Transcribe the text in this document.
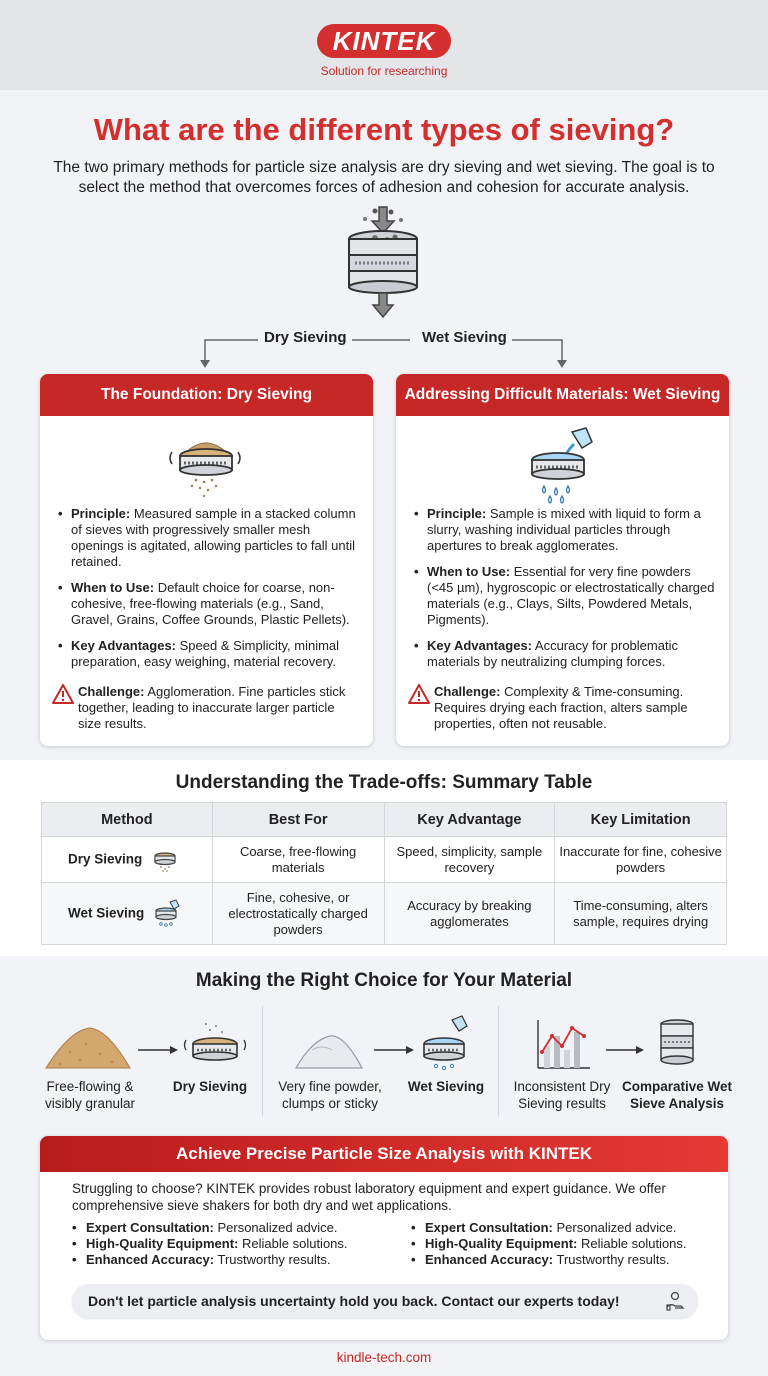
KINTEK
Solution for researching
What are the different types of sieving?

The two primary methods for particle size analysis are dry sieving and wet sieving. The goal is to select the method that overcomes forces of adhesion and cohesion for accurate analysis.

Dry Sieving	Wet Sieving
The Foundation: Dry Sieving
• Principle: Measured sample in a stacked column of sieves with progressively smaller mesh openings is agitated, allowing particles to fall until retained.
• When to Use: Default choice for coarse, non-cohesive, free-flowing materials (e.g., Sand, Gravel, Grains, Coffee Grounds, Plastic Pellets).
• Key Advantages: Speed & Simplicity, minimal preparation, easy weighing, material recovery.
Challenge: Agglomeration. Fine particles stick together, leading to inaccurate larger particle size results.
Addressing Difficult Materials: Wet Sieving
• Principle: Sample is mixed with liquid to form a slurry, washing individual particles through apertures to break agglomerates.
• When to Use: Essential for very fine powders (<45 µm), hygroscopic or electrostatically charged materials (e.g., Clays, Silts, Powdered Metals, Pigments).
• Key Advantages: Accuracy for problematic materials by neutralizing clumping forces.
Challenge: Complexity & Time-consuming. Requires drying each fraction, alters sample properties, often not reusable.
Understanding the Trade-offs: Summary Table
Method	Best For	Key Advantage	Key Limitation
Dry Sieving	Coarse, free-flowing materials	Speed, simplicity, sample recovery	Inaccurate for fine, cohesive powders
Wet Sieving	Fine, cohesive, or electrostatically charged powders	Accuracy by breaking agglomerates	Time-consuming, alters sample, requires drying
Making the Right Choice for Your Material
Free-flowing & visibly granular
Dry Sieving	Very fine powder, clumps or sticky
Wet Sieving	Inconsistent Dry Sieving results
Comparative Wet Sieve Analysis
Achieve Precise Particle Size Analysis with KINTEK

Struggling to choose? KINTEK provides robust laboratory equipment and expert guidance. We offer comprehensive sieve shakers for both dry and wet applications.

• Expert Consultation: Personalized advice.
• High-Quality Equipment: Reliable solutions.
• Enhanced Accuracy: Trustworthy results.
• Expert Consultation: Personalized advice.
• High-Quality Equipment: Reliable solutions.
• Enhanced Accuracy: Trustworthy results.
Don't let particle analysis uncertainty hold you back. Contact our experts today!
kindle-tech.com
